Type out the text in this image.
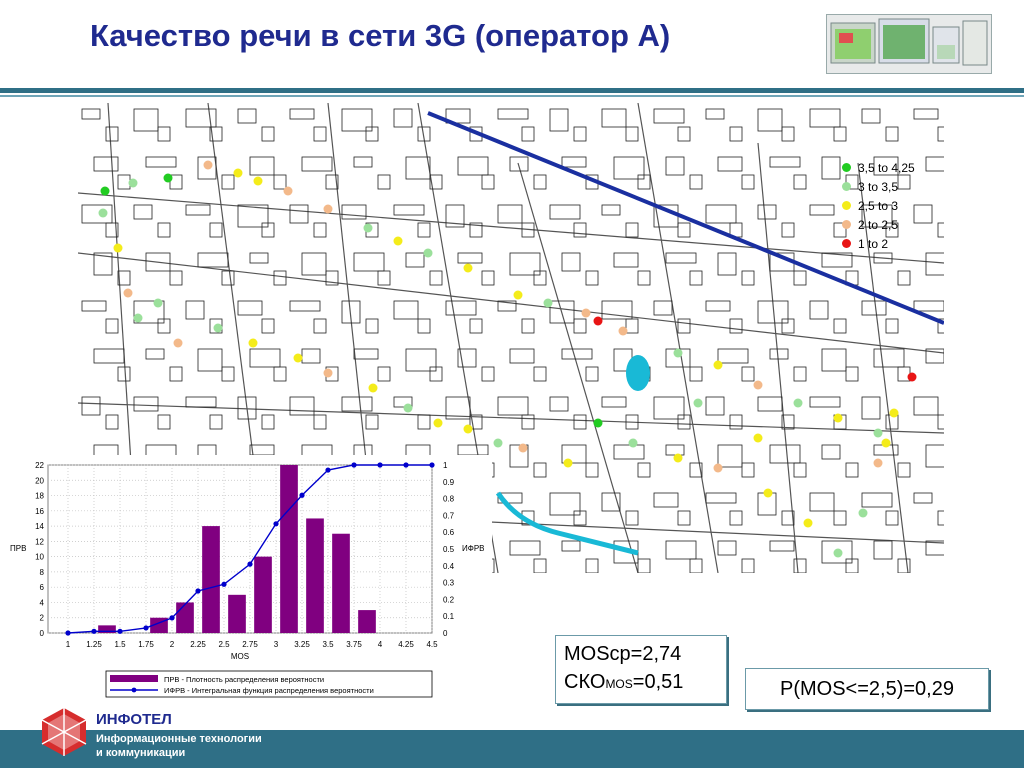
Качество речи в сети 3G (оператор A)
3,5 to 4,25
3 to 3,5
2,5 to 3
2 to 2,5
1 to 2
0
2
4
6
8
10
12
14
16
18
20
22
0
0.1
0.2
0.3
0.4
0.5
0.6
0.7
0.8
0.9
1
1 1.25 1.5 1.75 2 2.25 2.5 2.75 3 3.25 3.5 3.75 4 4.25 4.5
ПРВ	ИФРВ
MOS
ПРВ - Плотность распределения вероятности
ИФРВ - Интегральная функция распределения вероятности
MOSср=2,74
СКОMOS=0,51	P(MOS<=2,5)=0,29
ИНФОТЕЛ
Информационные технологии
и коммуникации
